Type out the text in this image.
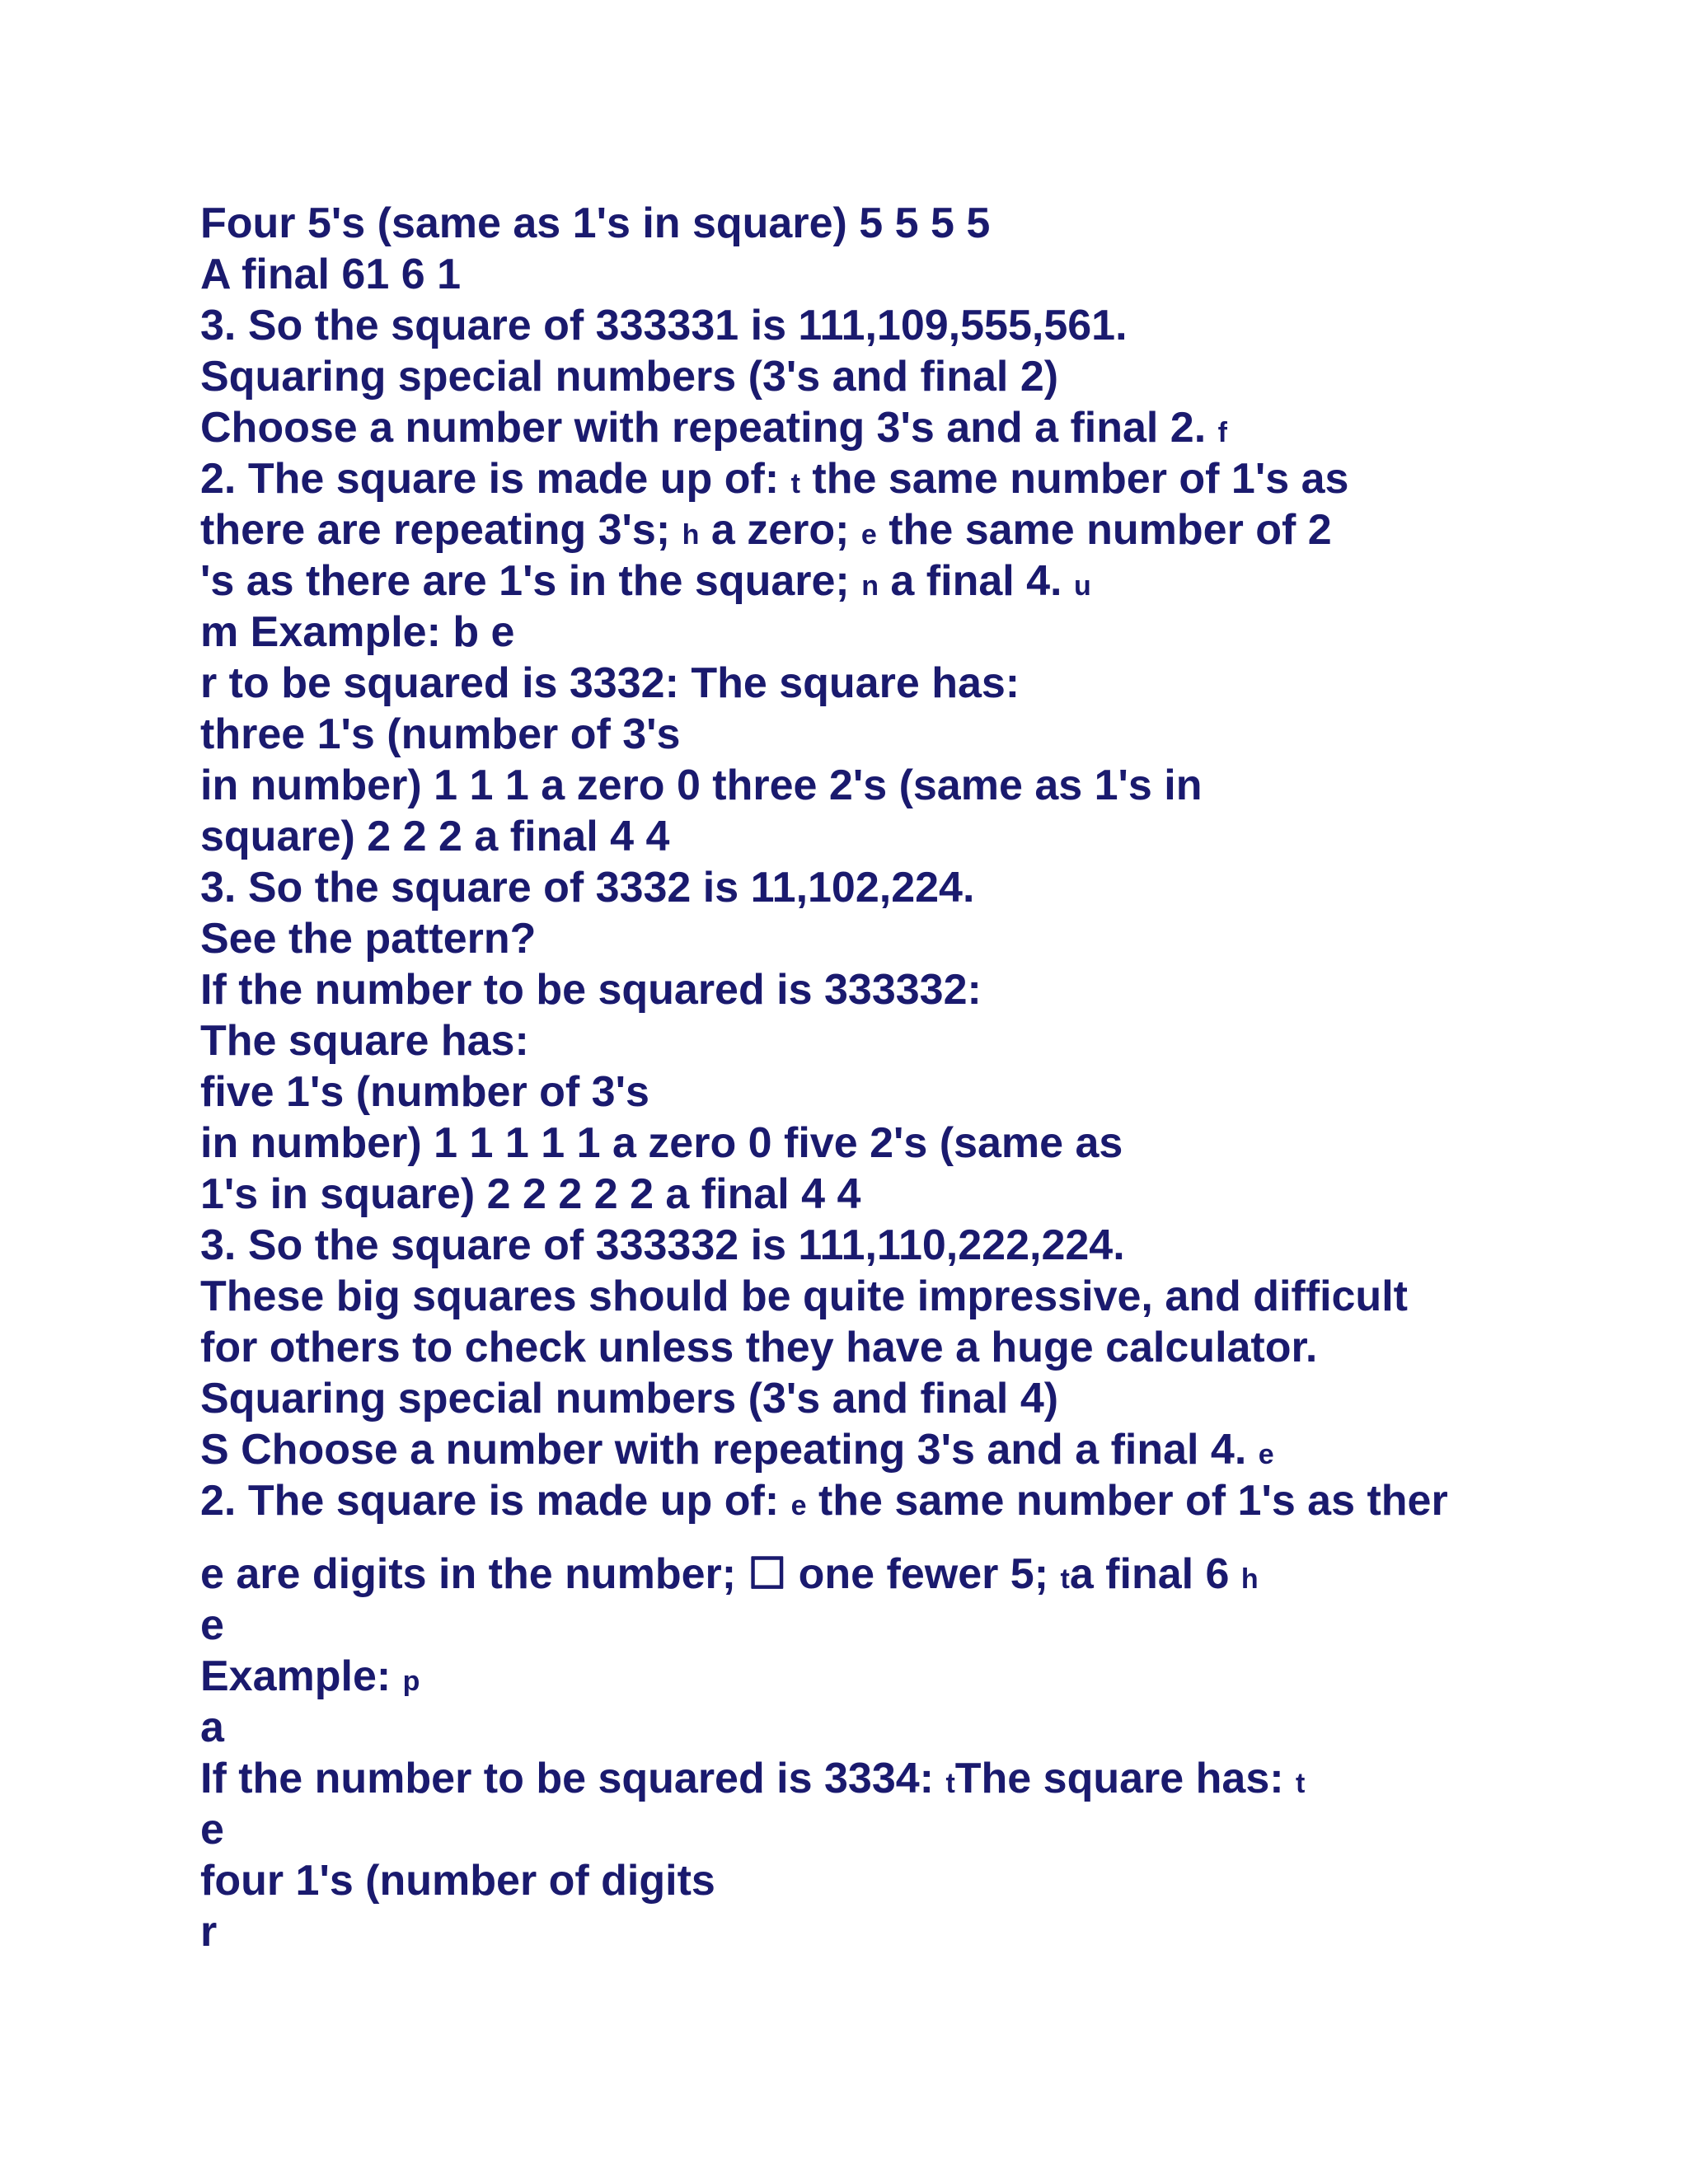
Four 5's (same as 1's in square) 5 5 5 5
A final 61 6 1
3. So the square of 333331 is 111,109,555,561.
Squaring special numbers (3's and final 2)
Choose a number with repeating 3's and a final 2. f
2. The square is made up of: t the same number of 1's as
there are repeating 3's; h a zero; e the same number of 2
's as there are 1's in the square; n a final 4. u
m Example: b e
r to be squared is 3332: The square has:
three 1's (number of 3's
in number) 1 1 1 a zero 0 three 2's (same as 1's in
square) 2 2 2 a final 4 4
3. So the square of 3332 is 11,102,224.
See the pattern?
If the number to be squared is 333332:
The square has:
five 1's (number of 3's
in number) 1 1 1 1 1 a zero 0 five 2's (same as
1's in square) 2 2 2 2 2 a final 4 4
3. So the square of 333332 is 111,110,222,224.
These big squares should be quite impressive, and difficult
for others to check unless they have a huge calculator.
Squaring special numbers (3's and final 4)
S Choose a number with repeating 3's and a final 4. e
2. The square is made up of: e the same number of 1's as ther
e are digits in the number; ☐ one fewer 5; ta final 6 h
e
Example: p
a
If the number to be squared is 3334: tThe square has: t
e
four 1's (number of digits
r
